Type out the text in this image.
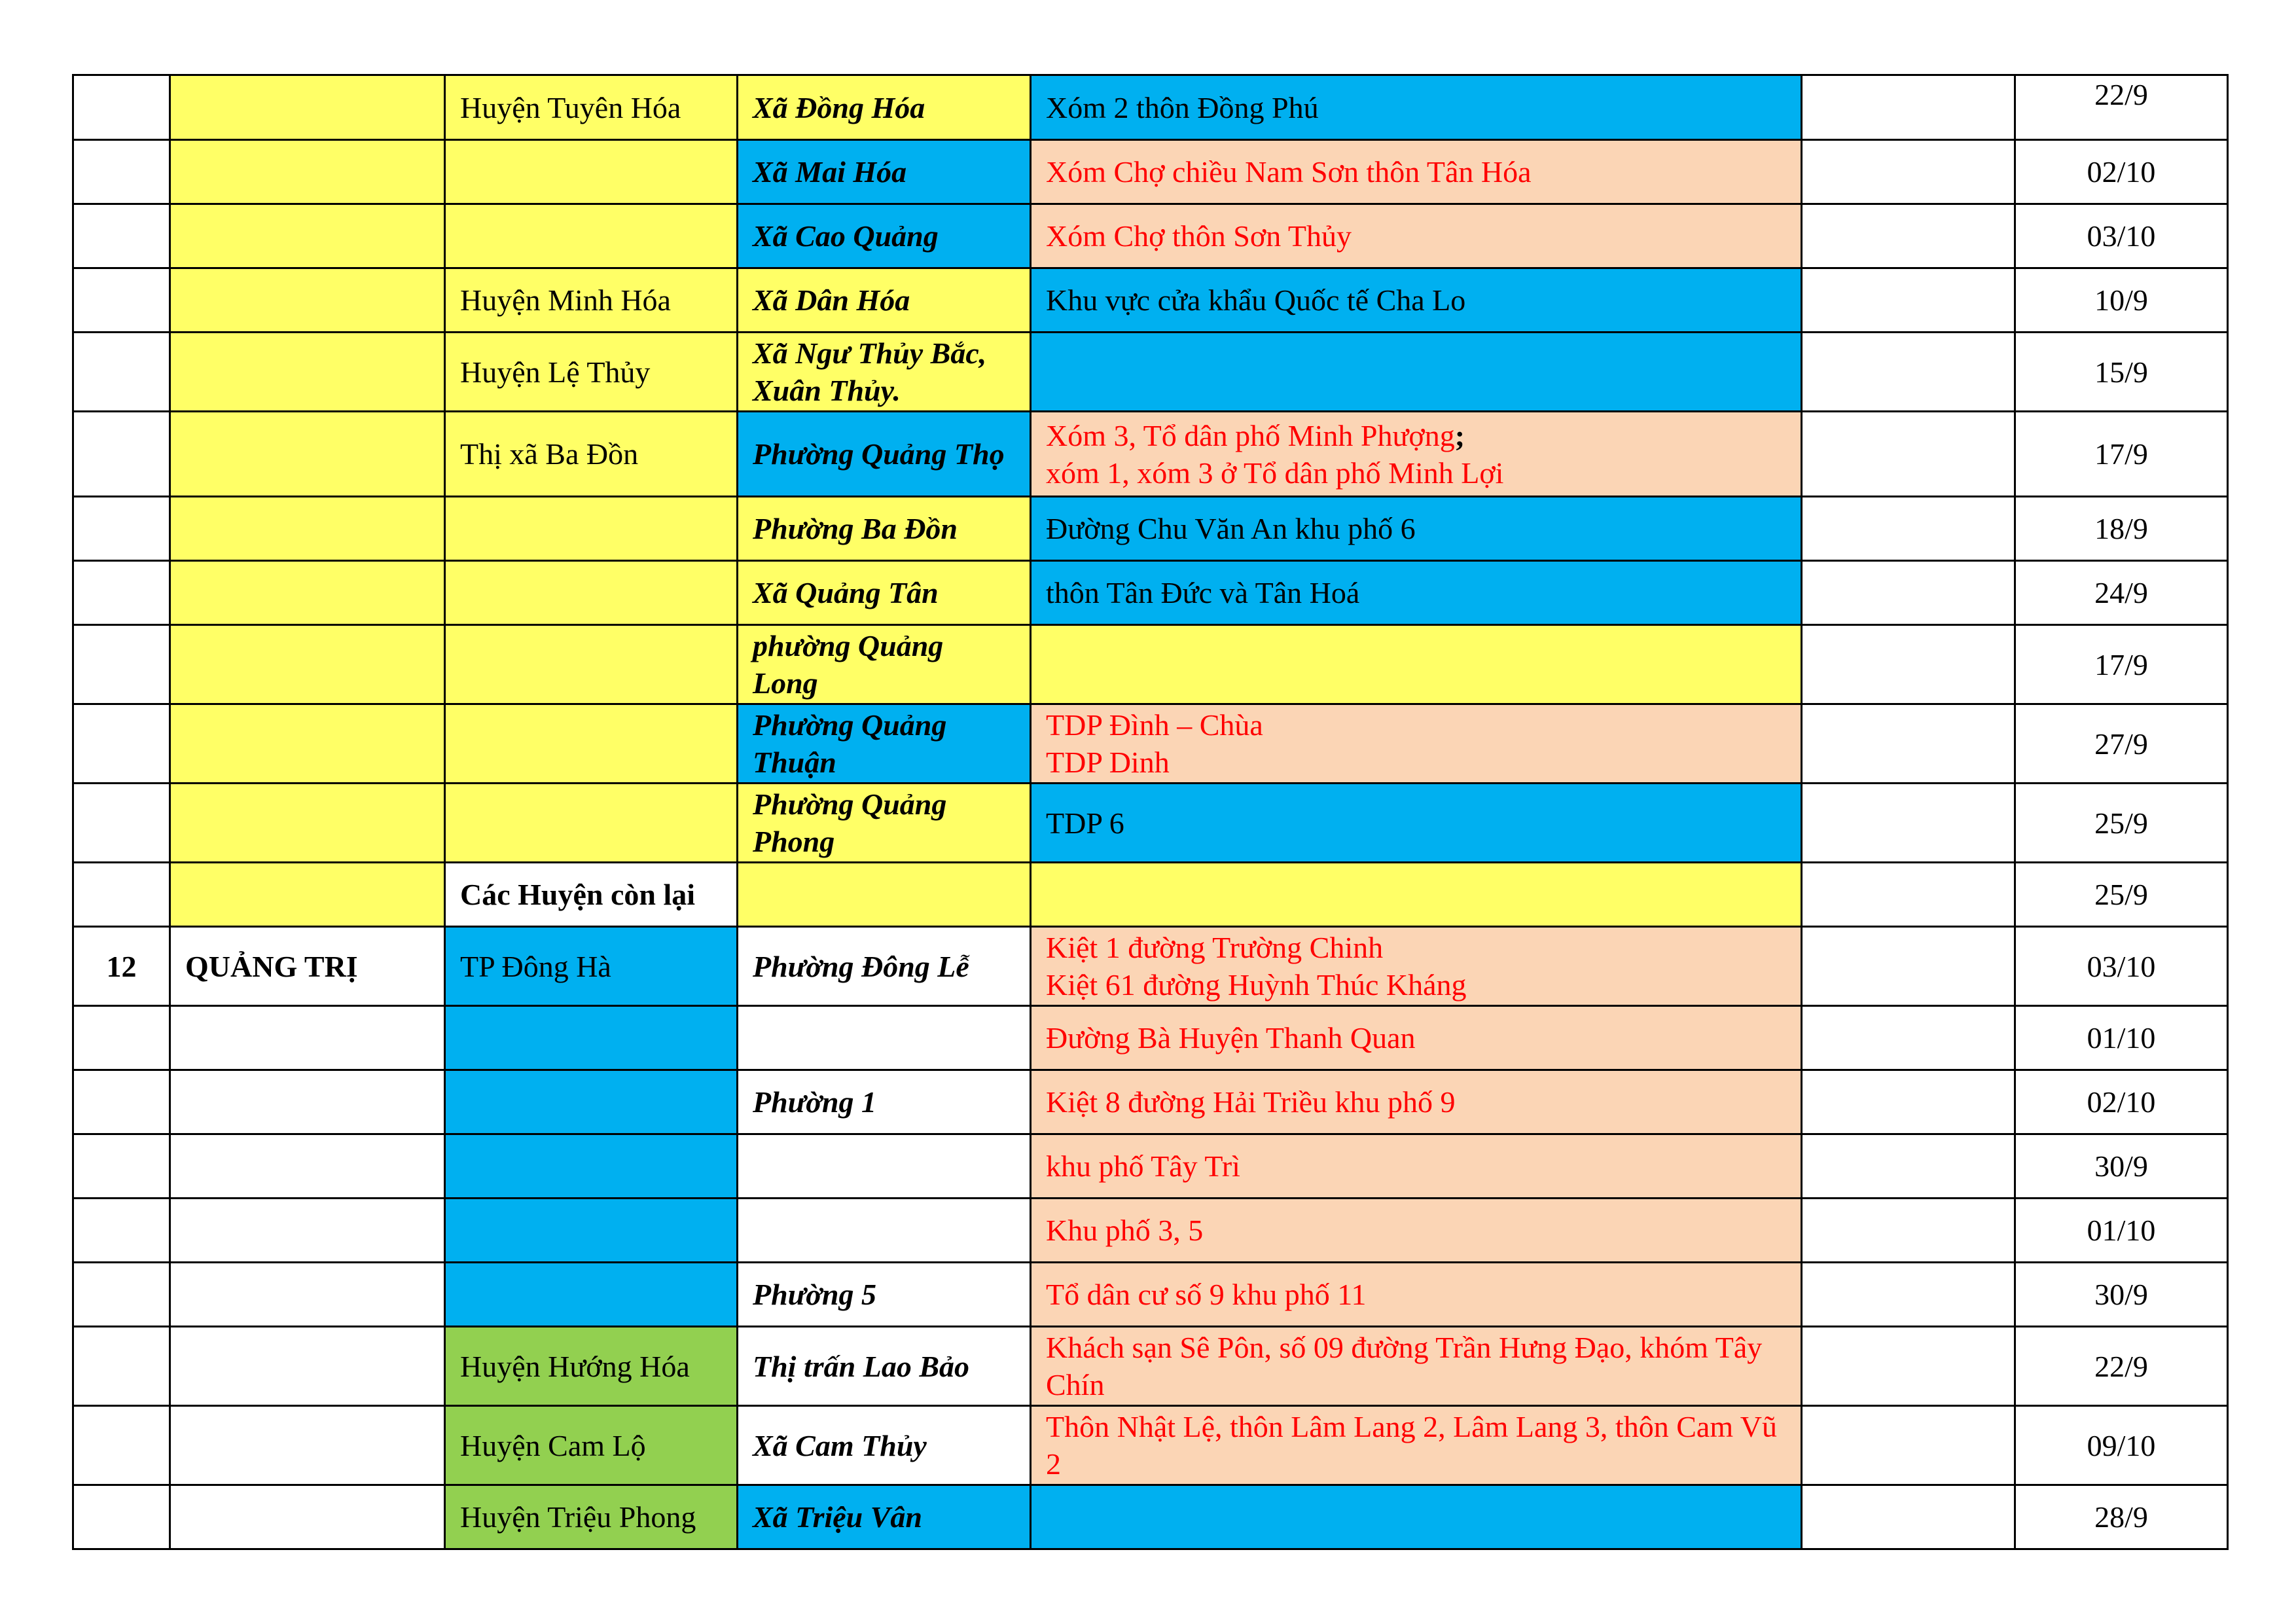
		Huyện Tuyên Hóa	Xã Đồng Hóa	Xóm 2 thôn Đồng Phú		22/9
			Xã Mai Hóa	Xóm Chợ chiều Nam Sơn thôn Tân Hóa		02/10
			Xã Cao Quảng	Xóm Chợ thôn Sơn Thủy		03/10
		Huyện Minh Hóa	Xã Dân Hóa	Khu vực cửa khẩu Quốc tế Cha Lo		10/9
		Huyện Lệ Thủy	Xã Ngư Thủy Bắc, Xuân Thủy.			15/9
		Thị xã Ba Đồn	Phường Quảng Thọ	Xóm 3, Tổ dân phố Minh Phượng;
xóm 1, xóm 3 ở Tổ dân phố Minh Lợi		17/9
			Phường Ba Đồn	Đường Chu Văn An khu phố 6		18/9
			Xã Quảng Tân	thôn Tân Đức và Tân Hoá		24/9
			phường Quảng Long			17/9
			Phường Quảng Thuận	TDP Đình – Chùa
TDP Dinh		27/9
			Phường Quảng Phong	TDP 6		25/9
		Các Huyện còn lại				25/9
12	QUẢNG TRỊ	TP Đông Hà	Phường Đông Lễ	Kiệt 1 đường Trường Chinh
Kiệt 61 đường Huỳnh Thúc Kháng		03/10

				Đường Bà Huyện Thanh Quan		01/10
			Phường 1	Kiệt 8 đường Hải Triều khu phố 9		02/10

				khu phố Tây Trì		30/9

				Khu phố 3, 5		01/10
			Phường 5	Tổ dân cư số 9 khu phố 11		30/9
		Huyện Hướng Hóa	Thị trấn Lao Bảo	Khách sạn Sê Pôn, số 09 đường Trần Hưng Đạo, khóm Tây Chín		22/9
		Huyện Cam Lộ	Xã Cam Thủy	Thôn Nhật Lệ, thôn Lâm Lang 2, Lâm Lang 3, thôn Cam Vũ 2		09/10
		Huyện Triệu Phong	Xã Triệu Vân			28/9
